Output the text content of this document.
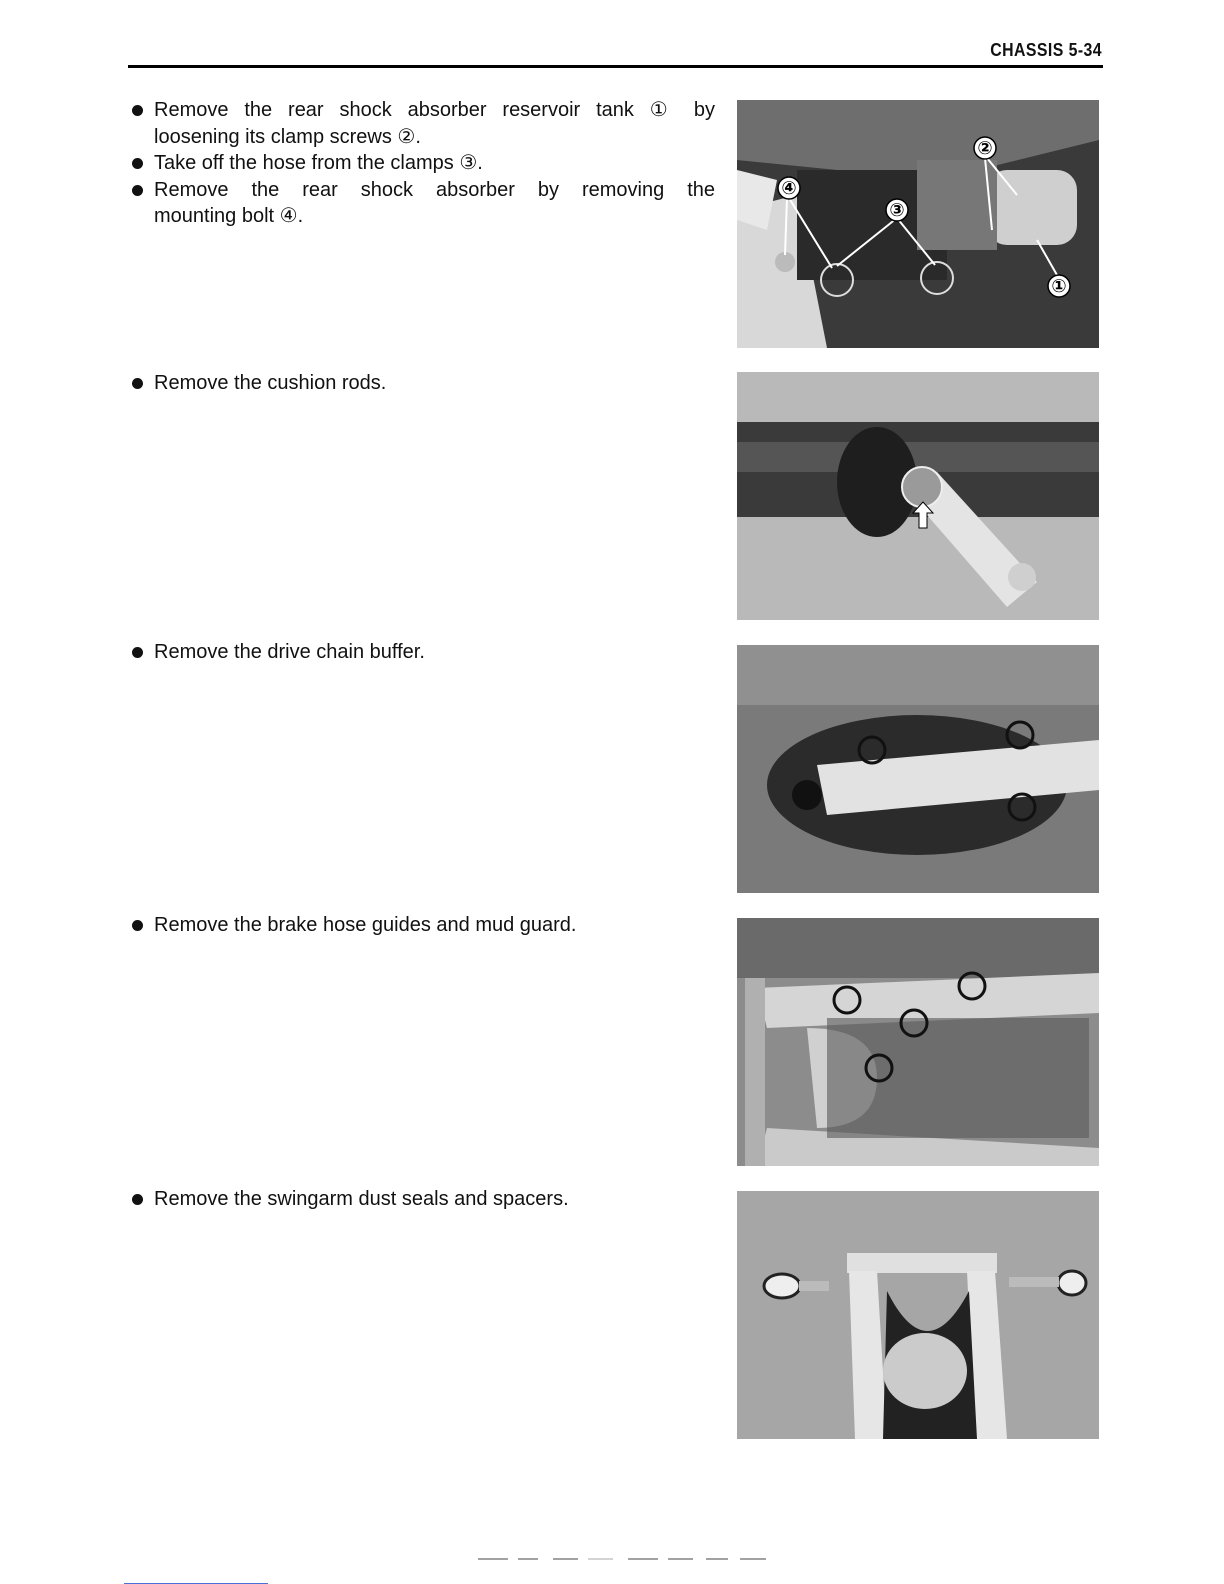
CHASSIS 5-34
Remove the rear shock absorber reservoir tank ① by
loosening its clamp screws ②.
Take off the hose from the clamps ③.
Remove the rear shock absorber by removing the
mounting bolt ④.
Remove the cushion rods.
Remove the drive chain buffer.
Remove the brake hose guides and mud guard.
Remove the swingarm dust seals and spacers.
②
④
③
①
